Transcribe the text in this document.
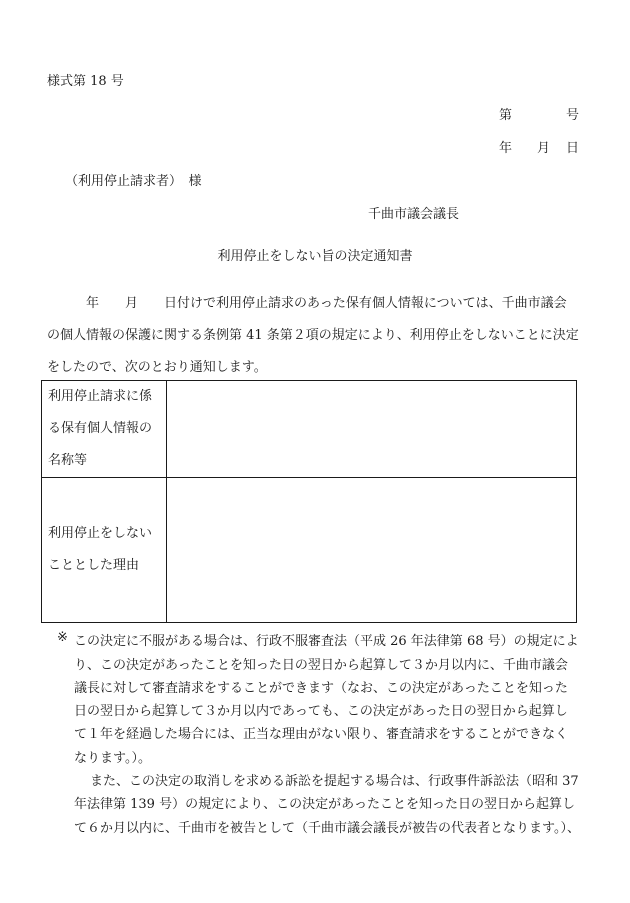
様式第 18 号
第	号
年 月 日
（利用停止請求者）　様
千曲市議会議長
利用停止をしない旨の決定通知書
　　　年　　月　　日付けで利用停止請求のあった保有個人情報については、千曲市議会
の個人情報の保護に関する条例第 41 条第２項の規定により、利用停止をしないことに決定
をしたので、次のとおり通知します。
利用停止請求に係
る保有個人情報の
名称等	

利用停止をしない
こととした理由	

※ この決定に不服がある場合は、行政不服審査法（平成 26 年法律第 68 号）の規定によ
り、この決定があったことを知った日の翌日から起算して３か月以内に、千曲市議会
議長に対して審査請求をすることができます（なお、この決定があったことを知った
日の翌日から起算して３か月以内であっても、この決定があった日の翌日から起算し
て１年を経過した場合には、正当な理由がない限り、審査請求をすることができなく
なります。）。
また、この決定の取消しを求める訴訟を提起する場合は、行政事件訴訟法（昭和 37
年法律第 139 号）の規定により、この決定があったことを知った日の翌日から起算し
て６か月以内に、千曲市を被告として（千曲市議会議長が被告の代表者となります。）、
